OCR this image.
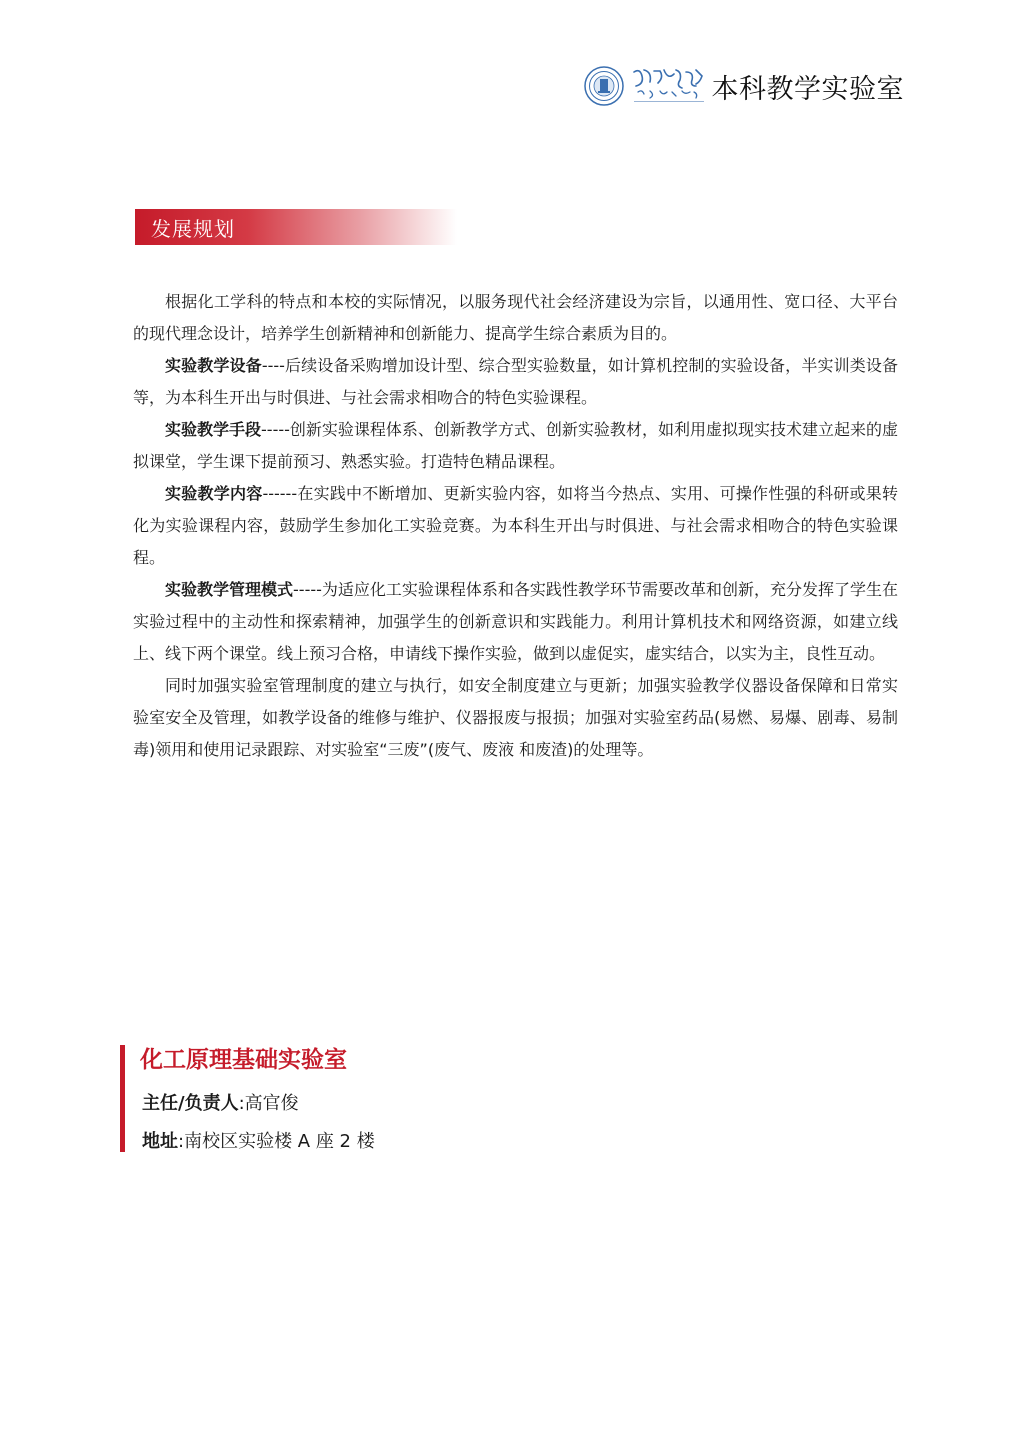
本科教学实验室
发展规划

根据化工学科的特点和本校的实际情况，以服务现代社会经济建设为宗旨，以通用性、宽口径、大平台的现代理念设计，培养学生创新精神和创新能力、提高学生综合素质为目的。

实验教学设备----后续设备采购增加设计型、综合型实验数量，如计算机控制的实验设备，半实训类设备等，为本科生开出与时俱进、与社会需求相吻合的特色实验课程。

实验教学手段-----创新实验课程体系、创新教学方式、创新实验教材，如利用虚拟现实技术建立起来的虚拟课堂，学生课下提前预习、熟悉实验。打造特色精品课程。

实验教学内容------在实践中不断增加、更新实验内容，如将当今热点、实用、可操作性强的科研或果转化为实验课程内容，鼓励学生参加化工实验竞赛。为本科生开出与时俱进、与社会需求相吻合的特色实验课程。

实验教学管理模式-----为适应化工实验课程体系和各实践性教学环节需要改革和创新，充分发挥了学生在实验过程中的主动性和探索精神，加强学生的创新意识和实践能力。利用计算机技术和网络资源，如建立线上、线下两个课堂。线上预习合格，申请线下操作实验，做到以虚促实，虚实结合，以实为主，良性互动。

同时加强实验室管理制度的建立与执行，如安全制度建立与更新；加强实验教学仪器设备保障和日常实验室安全及管理，如教学设备的维修与维护、仪器报废与报损；加强对实验室药品(易燃、易爆、剧毒、易制毒)领用和使用记录跟踪、对实验室“三废”(废气、废液 和废渣)的处理等。

化工原理基础实验室
主任/负责人:高官俊
地址:南校区实验楼 A 座 2 楼
